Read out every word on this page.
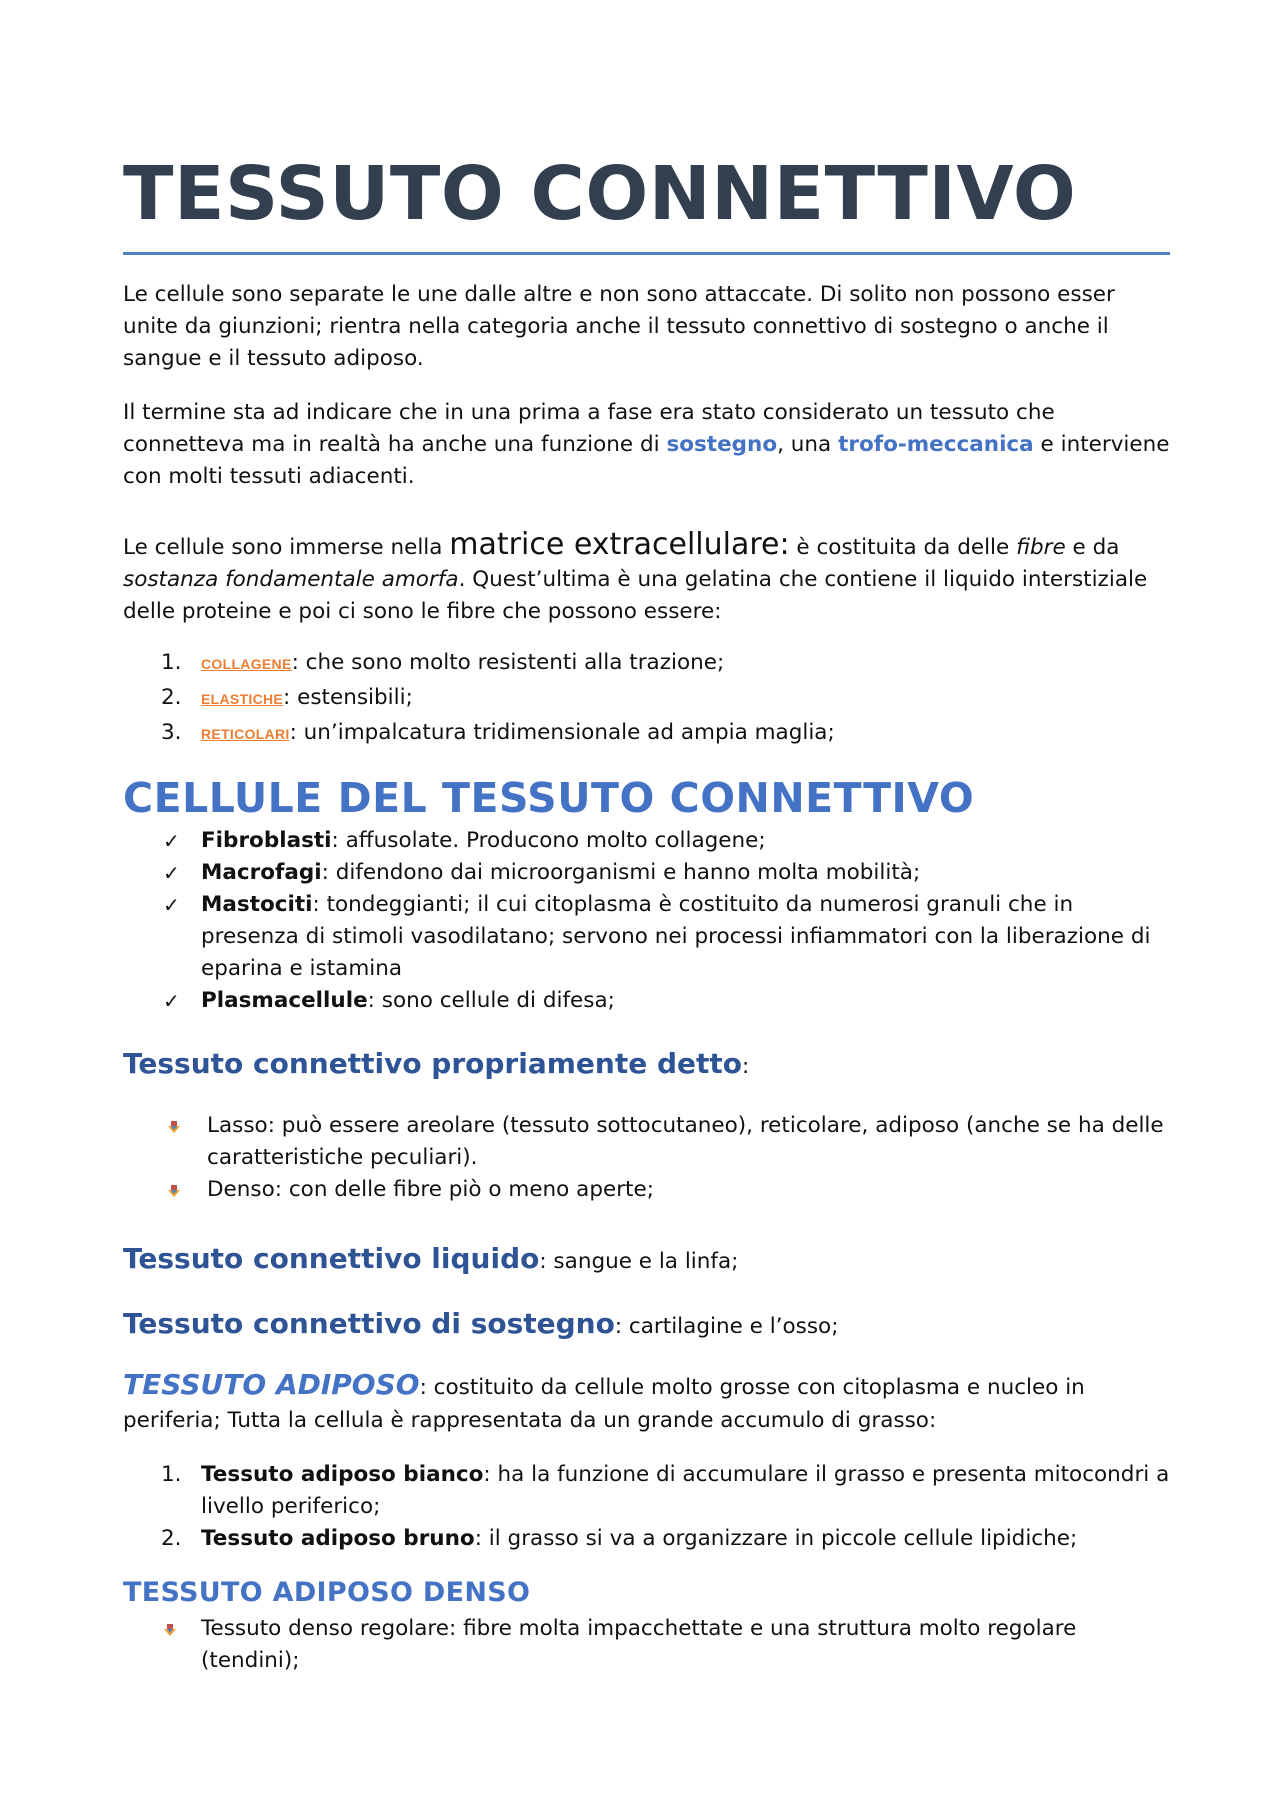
TESSUTO CONNETTIVO

Le cellule sono separate le une dalle altre e non sono attaccate. Di solito non possono esser unite da giunzioni; rientra nella categoria anche il tessuto connettivo di sostegno o anche il sangue e il tessuto adiposo.

Il termine sta ad indicare che in una prima a fase era stato considerato un tessuto che connetteva ma in realtà ha anche una funzione di sostegno, una trofo-meccanica e interviene con molti tessuti adiacenti.

Le cellule sono immerse nella matrice extracellulare: è costituita da delle fibre e da sostanza fondamentale amorfa. Quest’ultima è una gelatina che contiene il liquido interstiziale delle proteine e poi ci sono le fibre che possono essere:

1. COLLAGENE: che sono molto resistenti alla trazione;
2. ELASTICHE: estensibili;
3. RETICOLARI: un’impalcatura tridimensionale ad ampia maglia;
CELLULE DEL TESSUTO CONNETTIVO
✓ Fibroblasti: affusolate. Producono molto collagene;
✓ Macrofagi: difendono dai microorganismi e hanno molta mobilità;
✓ Mastociti: tondeggianti; il cui citoplasma è costituito da numerosi granuli che in presenza di stimoli vasodilatano; servono nei processi infiammatori con la liberazione di eparina e istamina
✓ Plasmacellule: sono cellule di difesa;
Tessuto connettivo propriamente detto:
Lasso: può essere areolare (tessuto sottocutaneo), reticolare, adiposo (anche se ha delle caratteristiche peculiari).
Denso: con delle fibre piò o meno aperte;
Tessuto connettivo liquido: sangue e la linfa;
Tessuto connettivo di sostegno: cartilagine e l’osso;

TESSUTO ADIPOSO: costituito da cellule molto grosse con citoplasma e nucleo in periferia; Tutta la cellula è rappresentata da un grande accumulo di grasso:

1. Tessuto adiposo bianco: ha la funzione di accumulare il grasso e presenta mitocondri a livello periferico;
2. Tessuto adiposo bruno: il grasso si va a organizzare in piccole cellule lipidiche;
TESSUTO ADIPOSO DENSO
Tessuto denso regolare: fibre molta impacchettate e una struttura molto regolare (tendini);
